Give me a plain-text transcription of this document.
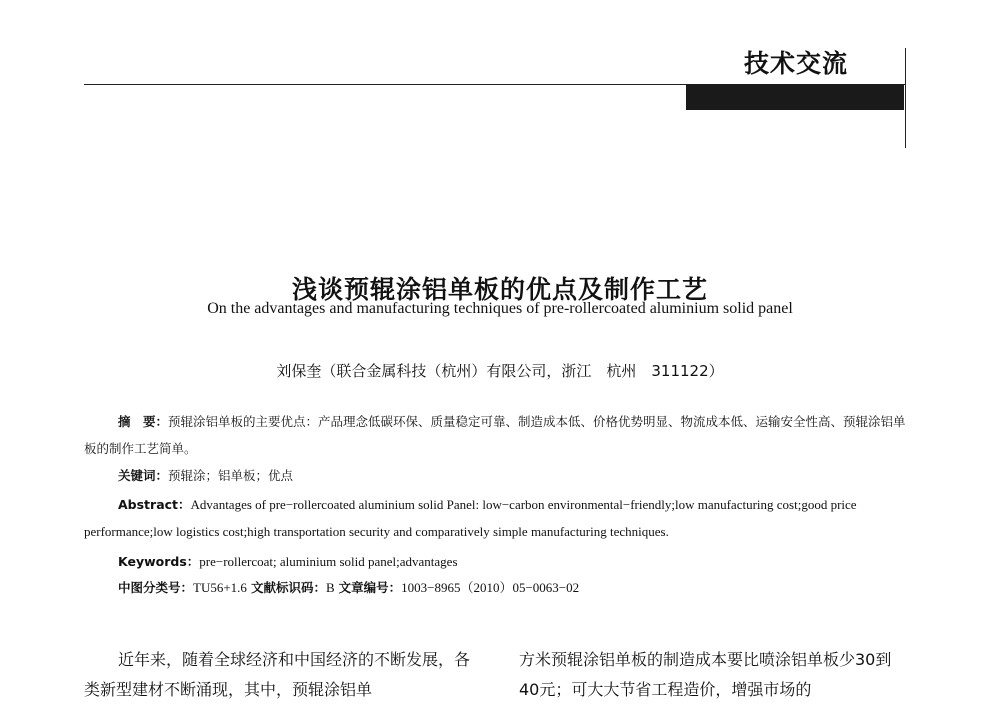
技术交流
浅谈预辊涂铝单板的优点及制作工艺
On the advantages and manufacturing techniques of pre-rollercoated aluminium solid panel
刘保奎（联合金属科技（杭州）有限公司，浙江　杭州　311122）
摘　要：预辊涂铝单板的主要优点：产品理念低碳环保、质量稳定可靠、制造成本低、价格优势明显、物流成本低、运输安全性高、预辊涂铝单板的制作工艺简单。
关键词：预辊涂；铝单板；优点
Abstract：Advantages of pre−rollercoated aluminium solid Panel: low−carbon environmental−friendly;low manufacturing cost;good price performance;low logistics cost;high transportation security and comparatively simple manufacturing techniques.
Keywords：pre−rollercoat; aluminium solid panel;advantages
中图分类号：TU56+1.6 文献标识码：B 文章编号：1003−8965（2010）05−0063−02
近年来，随着全球经济和中国经济的不断发展，各类新型建材不断涌现，其中，预辊涂铝单
方米预辊涂铝单板的制造成本要比喷涂铝单板少30到40元；可大大节省工程造价，增强市场的
